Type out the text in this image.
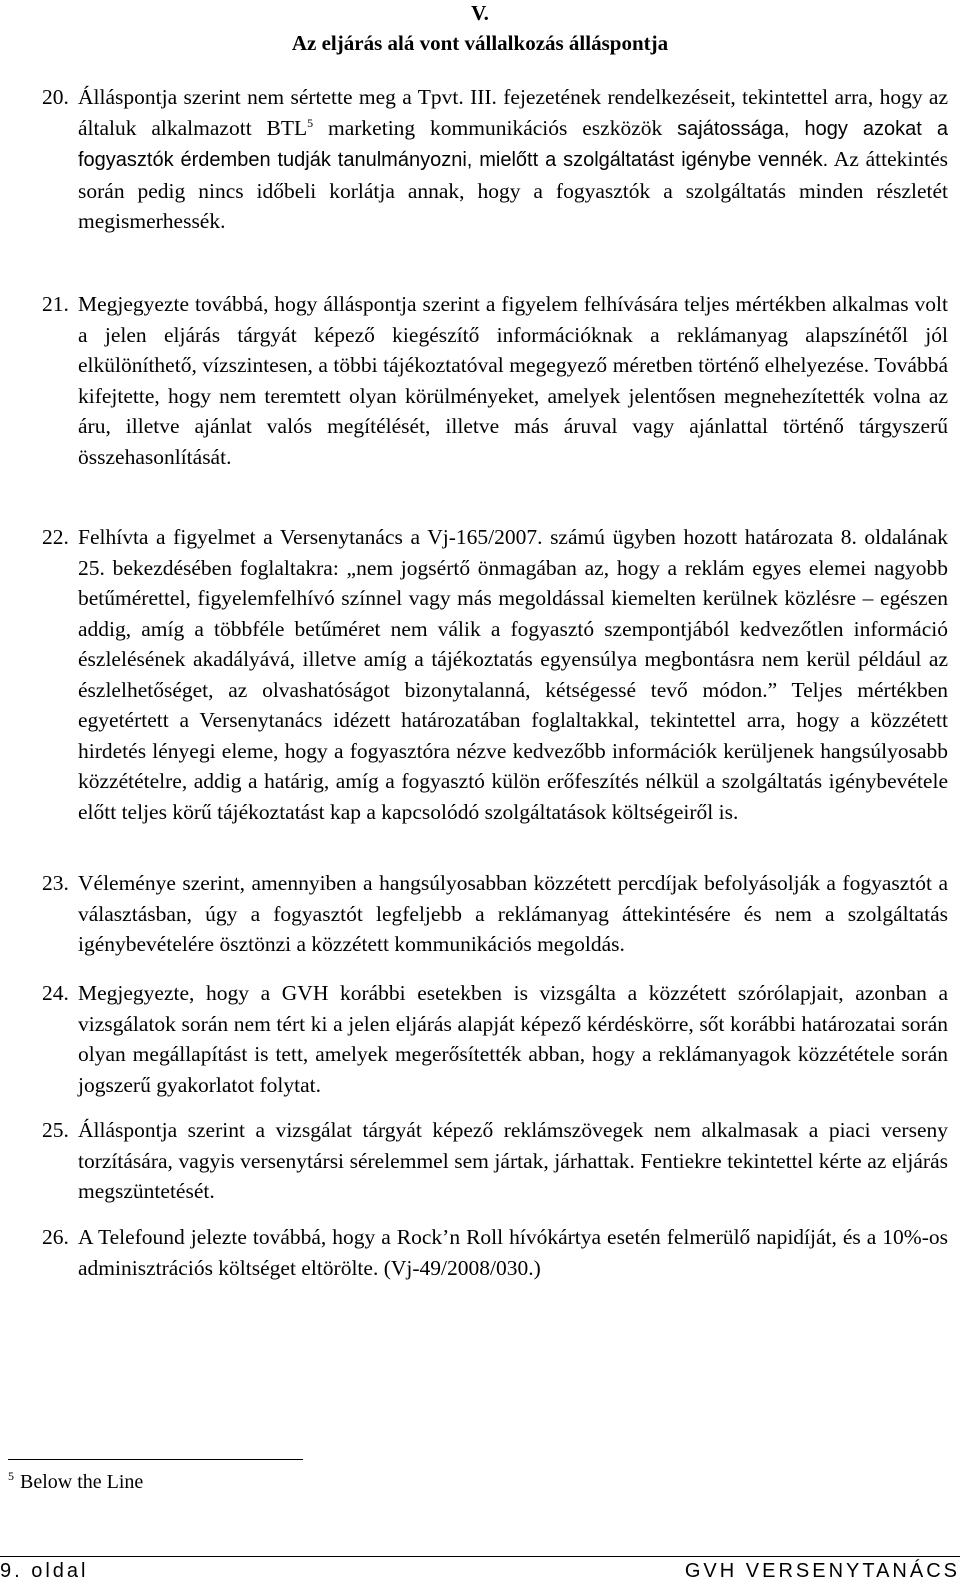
V.
Az eljárás alá vont vállalkozás álláspontja
20. Álláspontja szerint nem sértette meg a Tpvt. III. fejezetének rendelkezéseit, tekintettel arra, hogy az általuk alkalmazott BTL$^5$ marketing kommunikációs eszközök sajátossága, hogy azokat a fogyasztók érdemben tudják tanulmányozni, mielőtt a szolgáltatást igénybe vennék. Az áttekintés során pedig nincs időbeli korlátja annak, hogy a fogyasztók a szolgáltatás minden részletét megismerhessék.
21. Megjegyezte továbbá, hogy álláspontja szerint a figyelem felhívására teljes mértékben alkalmas volt a jelen eljárás tárgyát képező kiegészítő információknak a reklámanyag alapszínétől jól elkülöníthető, vízszintesen, a többi tájékoztatóval megegyező méretben történő elhelyezése. Továbbá kifejtette, hogy nem teremtett olyan körülményeket, amelyek jelentősen megnehezítették volna az áru, illetve ajánlat valós megítélését, illetve más áruval vagy ajánlattal történő tárgyszerű összehasonlítását.
22. Felhívta a figyelmet a Versenytanács a Vj-165/2007. számú ügyben hozott határozata 8. oldalának 25. bekezdésében foglaltakra: „nem jogsértő önmagában az, hogy a reklám egyes elemei nagyobb betűmérettel, figyelemfelhívó színnel vagy más megoldással kiemelten kerülnek közlésre – egészen addig, amíg a többféle betűméret nem válik a fogyasztó szempontjából kedvezőtlen információ észlelésének akadályává, illetve amíg a tájékoztatás egyensúlya megbontásra nem kerül például az észlelhetőséget, az olvashatóságot bizonytalanná, kétségessé tevő módon.” Teljes mértékben egyetértett a Versenytanács idézett határozatában foglaltakkal, tekintettel arra, hogy a közzétett hirdetés lényegi eleme, hogy a fogyasztóra nézve kedvezőbb információk kerüljenek hangsúlyosabb közzétételre, addig a határig, amíg a fogyasztó külön erőfeszítés nélkül a szolgáltatás igénybevétele előtt teljes körű tájékoztatást kap a kapcsolódó szolgáltatások költségeiről is.
23. Véleménye szerint, amennyiben a hangsúlyosabban közzétett percdíjak befolyásolják a fogyasztót a választásban, úgy a fogyasztót legfeljebb a reklámanyag áttekintésére és nem a szolgáltatás igénybevételére ösztönzi a közzétett kommunikációs megoldás.
24. Megjegyezte, hogy a GVH korábbi esetekben is vizsgálta a közzétett szórólapjait, azonban a vizsgálatok során nem tért ki a jelen eljárás alapját képező kérdéskörre, sőt korábbi határozatai során olyan megállapítást is tett, amelyek megerősítették abban, hogy a reklámanyagok közzététele során jogszerű gyakorlatot folytat.
25. Álláspontja szerint a vizsgálat tárgyát képező reklámszövegek nem alkalmasak a piaci verseny torzítására, vagyis versenytársi sérelemmel sem jártak, járhattak. Fentiekre tekintettel kérte az eljárás megszüntetését.
26. A Telefound jelezte továbbá, hogy a Rock’n Roll hívókártya esetén felmerülő napidíját, és a 10%-os adminisztrációs költséget eltörölte. (Vj-49/2008/030.)
$^5$ Below the Line
9. oldal	GVH VERSENYTANÁCS
